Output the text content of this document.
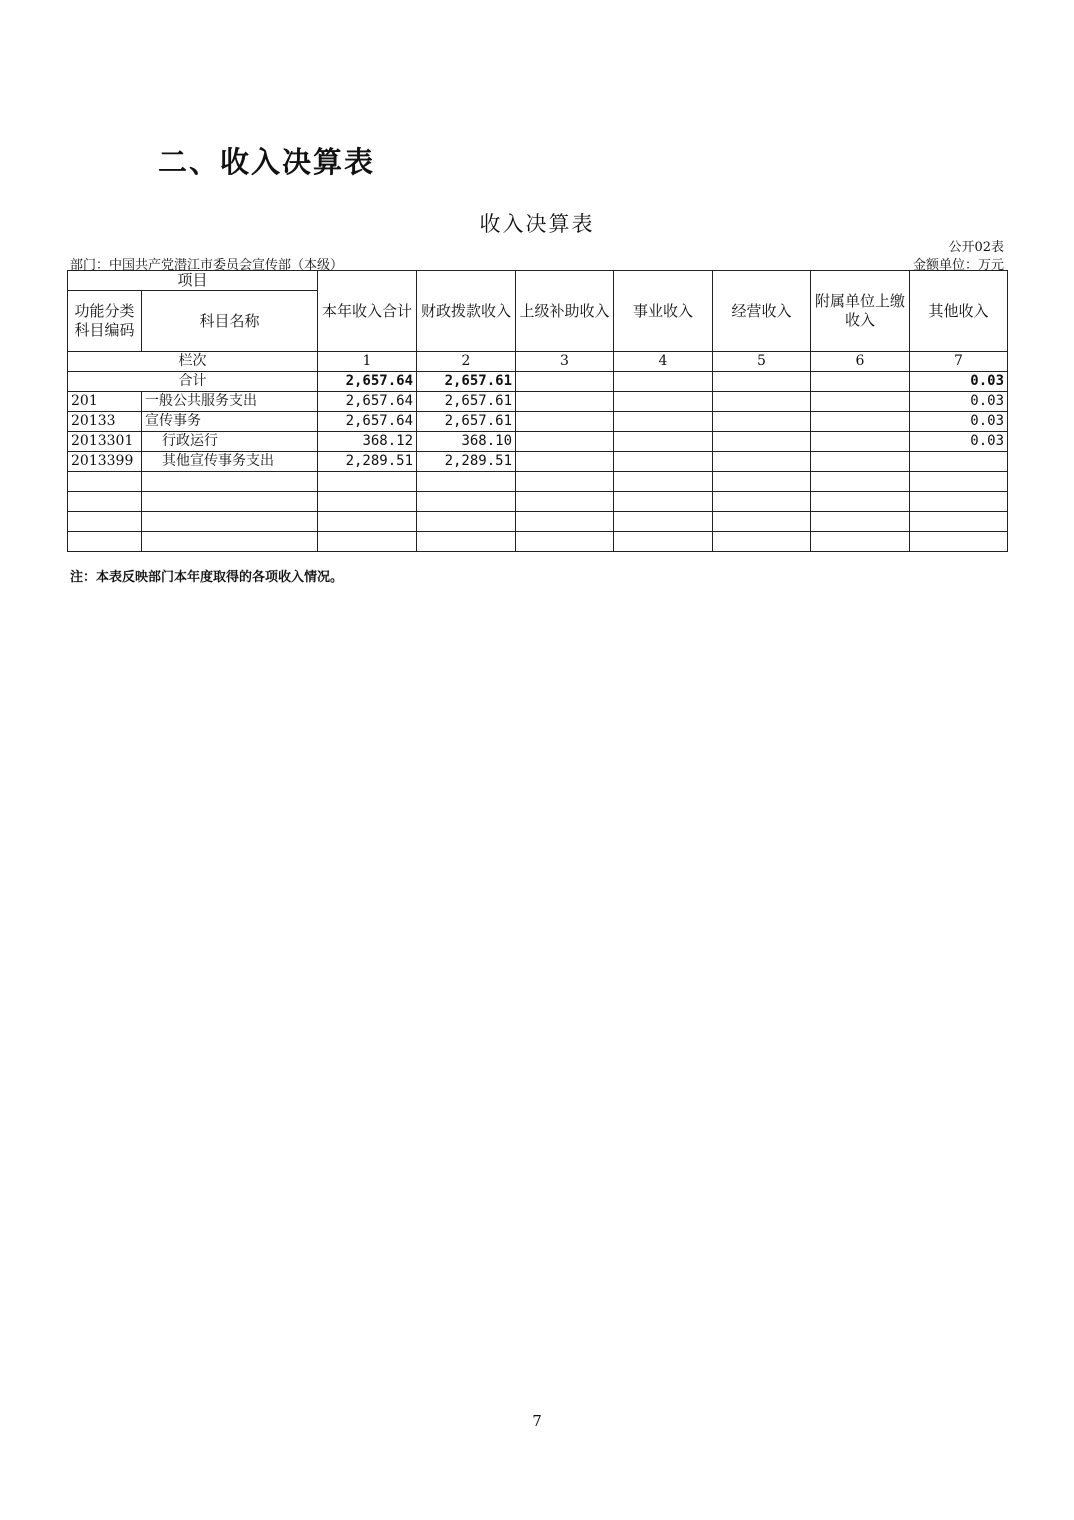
二、收入决算表
收入决算表
公开02表
部门：中国共产党潜江市委员会宣传部（本级）	金额单位：万元
项目		本年收入合计	财政拨款收入	上级补助收入	事业收入	经营收入	附属单位上缴收入	其他收入
功能分类科目编码	科目名称							
栏次		1	2	3	4	5	6	7
合计		2,657.64	2,657.61					0.03
201	一般公共服务支出	2,657.64	2,657.61					0.03
20133	宣传事务	2,657.64	2,657.61					0.03
2013301	行政运行	368.12	368.10					0.03
2013399	其他宣传事务支出	2,289.51	2,289.51					

注：本表反映部门本年度取得的各项收入情况。
7
